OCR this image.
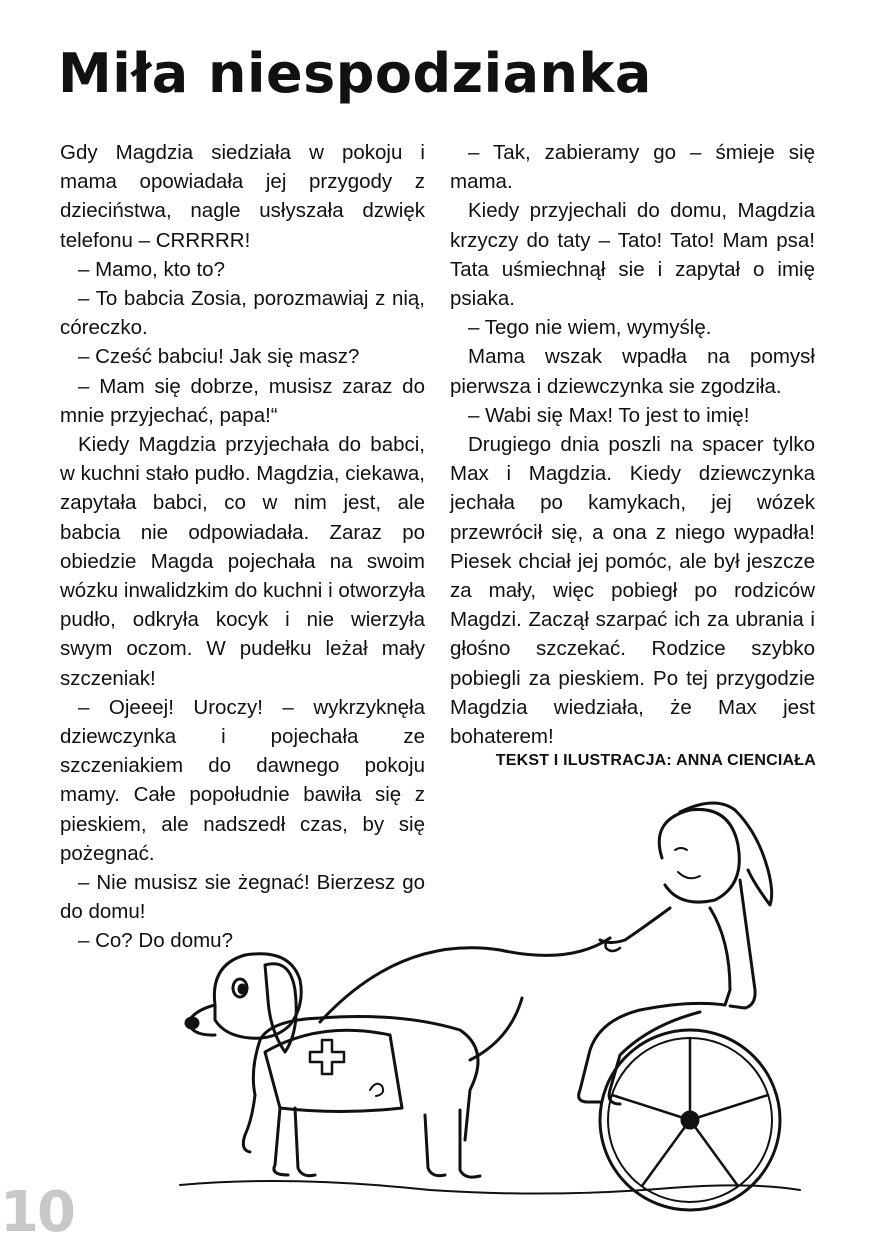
Miła niespodzianka

Gdy Magdzia siedziała w pokoju i mama opowiadała jej przygody z dzieciństwa, nagle usłyszała dzwięk telefonu – CRRRRR!

– Mamo, kto to?

– To babcia Zosia, porozmawiaj z nią, córeczko.

– Cześć babciu! Jak się masz?

– Mam się dobrze, musisz zaraz do mnie przyjechać, papa!“

Kiedy Magdzia przyjechała do babci, w kuchni stało pudło. Magdzia, ciekawa, zapytała babci, co w nim jest, ale babcia nie odpowiadała. Zaraz po obiedzie Magda pojechała na swoim wózku inwalidzkim do kuchni i otworzyła pudło, odkryła kocyk i nie wierzyła swym oczom. W pudełku leżał mały szczeniak!

– Ojeeej! Uroczy! – wykrzyknęła dziewczynka i pojechała ze szczeniakiem do dawnego pokoju mamy. Całe popołudnie bawiła się z pieskiem, ale nadszedł czas, by się pożegnać.

– Nie musisz sie żegnać! Bierzesz go do domu!

– Co? Do domu?

– Tak, zabieramy go – śmieje się mama.

Kiedy przyjechali do domu, Magdzia krzyczy do taty – Tato! Tato! Mam psa! Tata uśmiechnął sie i zapytał o imię psiaka.

– Tego nie wiem, wymyślę.

Mama wszak wpadła na pomysł pierwsza i dziewczynka sie zgodziła.

– Wabi się Max! To jest to imię!

Drugiego dnia poszli na spacer tylko Max i Magdzia. Kiedy dziewczynka jechała po kamykach, jej wózek przewrócił się, a ona z niego wypadła! Piesek chciał jej pomóc, ale był jeszcze za mały, więc pobiegł po rodziców Magdzi. Zaczął szarpać ich za ubrania i głośno szczekać. Rodzice szybko pobiegli za pieskiem. Po tej przygodzie Magdzia wiedziała, że Max jest bohaterem!

TEKST I ILUSTRACJA: ANNA CIENCIAŁA
10
